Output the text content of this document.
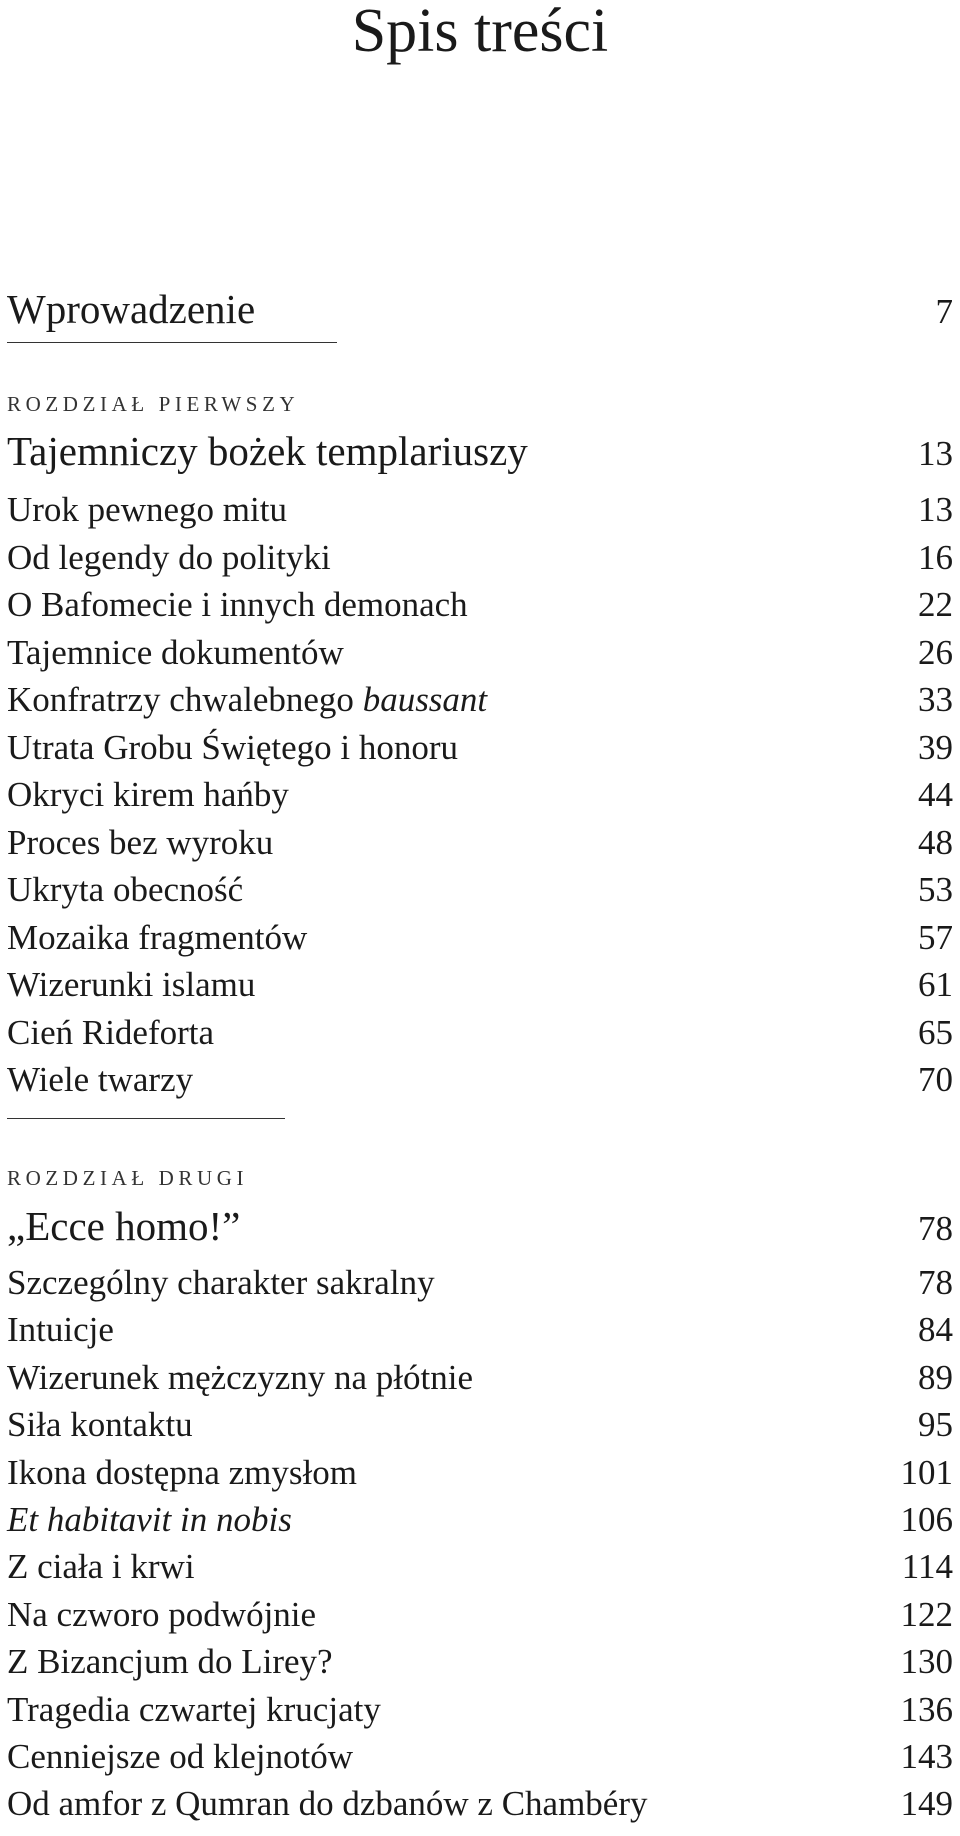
Spis treści
Wprowadzenie	7
ROZDZIAŁ PIERWSZY
Tajemniczy bożek templariuszy	13
Urok pewnego mitu	13
Od legendy do polityki	16
O Bafomecie i innych demonach	22
Tajemnice dokumentów	26
Konfratrzy chwalebnego baussant	33
Utrata Grobu Świętego i honoru	39
Okryci kirem hańby	44
Proces bez wyroku	48
Ukryta obecność	53
Mozaika fragmentów	57
Wizerunki islamu	61
Cień Rideforta	65
Wiele twarzy	70
ROZDZIAŁ DRUGI
„Ecce homo!”	78
Szczególny charakter sakralny	78
Intuicje	84
Wizerunek mężczyzny na płótnie	89
Siła kontaktu	95
Ikona dostępna zmysłom	101
Et habitavit in nobis	106
Z ciała i krwi	114
Na czworo podwójnie	122
Z Bizancjum do Lirey?	130
Tragedia czwartej krucjaty	136
Cenniejsze od klejnotów	143
Od amfor z Qumran do dzbanów z Chambéry	149
